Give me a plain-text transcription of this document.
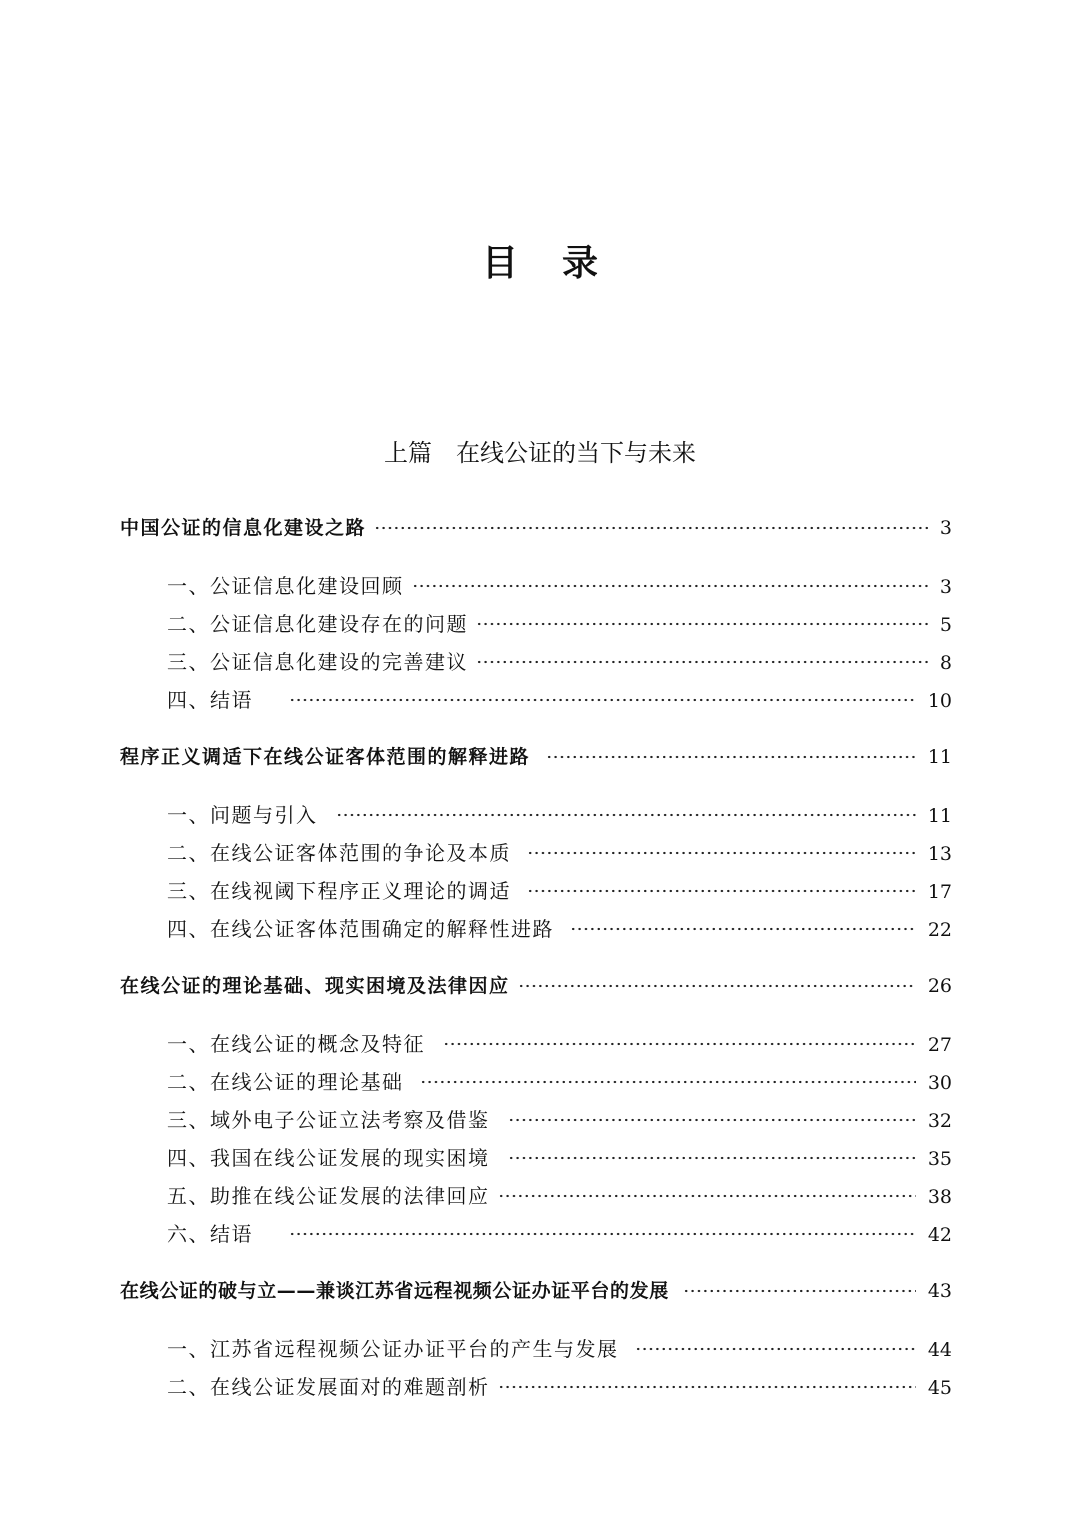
目录
上篇　在线公证的当下与未来
中国公证的信息化建设之路	3
一、公证信息化建设回顾	3
二、公证信息化建设存在的问题	5
三、公证信息化建设的完善建议	8
四、结语	10
程序正义调适下在线公证客体范围的解释进路	11
一、问题与引入	11
二、在线公证客体范围的争论及本质	13
三、在线视阈下程序正义理论的调适	17
四、在线公证客体范围确定的解释性进路	22
在线公证的理论基础、现实困境及法律因应	26
一、在线公证的概念及特征	27
二、在线公证的理论基础	30
三、域外电子公证立法考察及借鉴	32
四、我国在线公证发展的现实困境	35
五、助推在线公证发展的法律回应	38
六、结语	42
在线公证的破与立——兼谈江苏省远程视频公证办证平台的发展	43
一、江苏省远程视频公证办证平台的产生与发展	44
二、在线公证发展面对的难题剖析	45
